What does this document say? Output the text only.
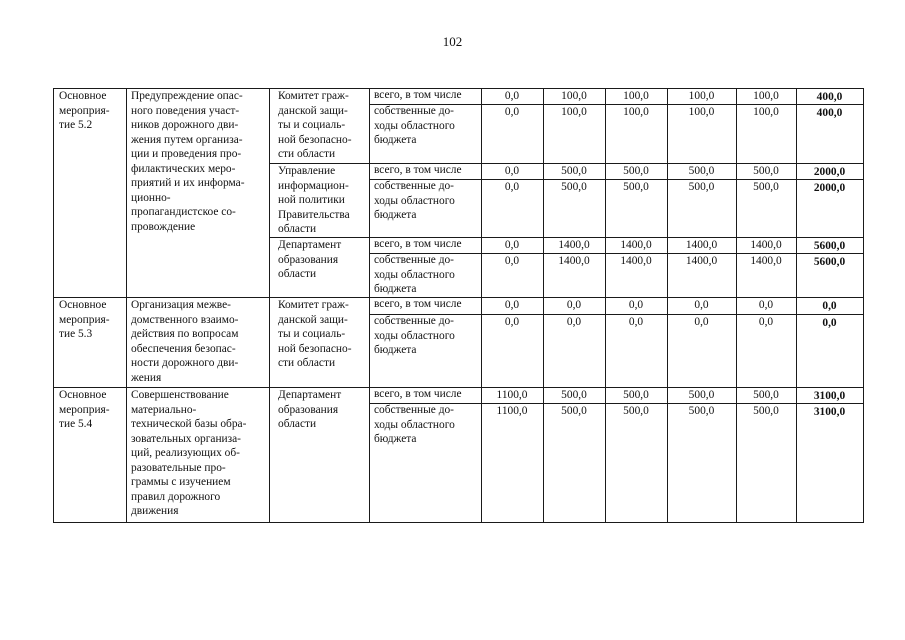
102
Основное
мероприя-
тие 5.2
Предупреждение опас-
ного поведения участ-
ников дорожного дви-
жения путем организа-
ции и проведения про-
филактических меро-
приятий и их информа-
ционно-
пропагандистское со-
провождение
Комитет граж-
данской защи-
ты и социаль-
ной безопасно-
сти области
всего, в том числе	0,0	100,0	100,0	100,0	100,0	400,0
собственные до-
ходы областного
бюджета
0,0	100,0	100,0	100,0	100,0	400,0
Управление
информацион-
ной политики
Правительства
области
всего, в том числе	0,0	500,0	500,0	500,0	500,0	2000,0
собственные до-
ходы областного
бюджета
0,0	500,0	500,0	500,0	500,0	2000,0
Департамент
образования
области
всего, в том числе	0,0	1400,0	1400,0	1400,0	1400,0	5600,0
собственные до-
ходы областного
бюджета
0,0	1400,0	1400,0	1400,0	1400,0	5600,0
Основное
мероприя-
тие 5.3
Организация межве-
домственного взаимо-
действия по вопросам
обеспечения безопас-
ности дорожного дви-
жения
Комитет граж-
данской защи-
ты и социаль-
ной безопасно-
сти области
всего, в том числе	0,0	0,0	0,0	0,0	0,0	0,0
собственные до-
ходы областного
бюджета
0,0	0,0	0,0	0,0	0,0	0,0
Основное
мероприя-
тие 5.4
Совершенствование
материально-
технической базы обра-
зовательных организа-
ций, реализующих об-
разовательные про-
граммы с изучением
правил дорожного
движения
Департамент
образования
области
всего, в том числе	1100,0	500,0	500,0	500,0	500,0	3100,0
собственные до-
ходы областного
бюджета
1100,0	500,0	500,0	500,0	500,0	3100,0
